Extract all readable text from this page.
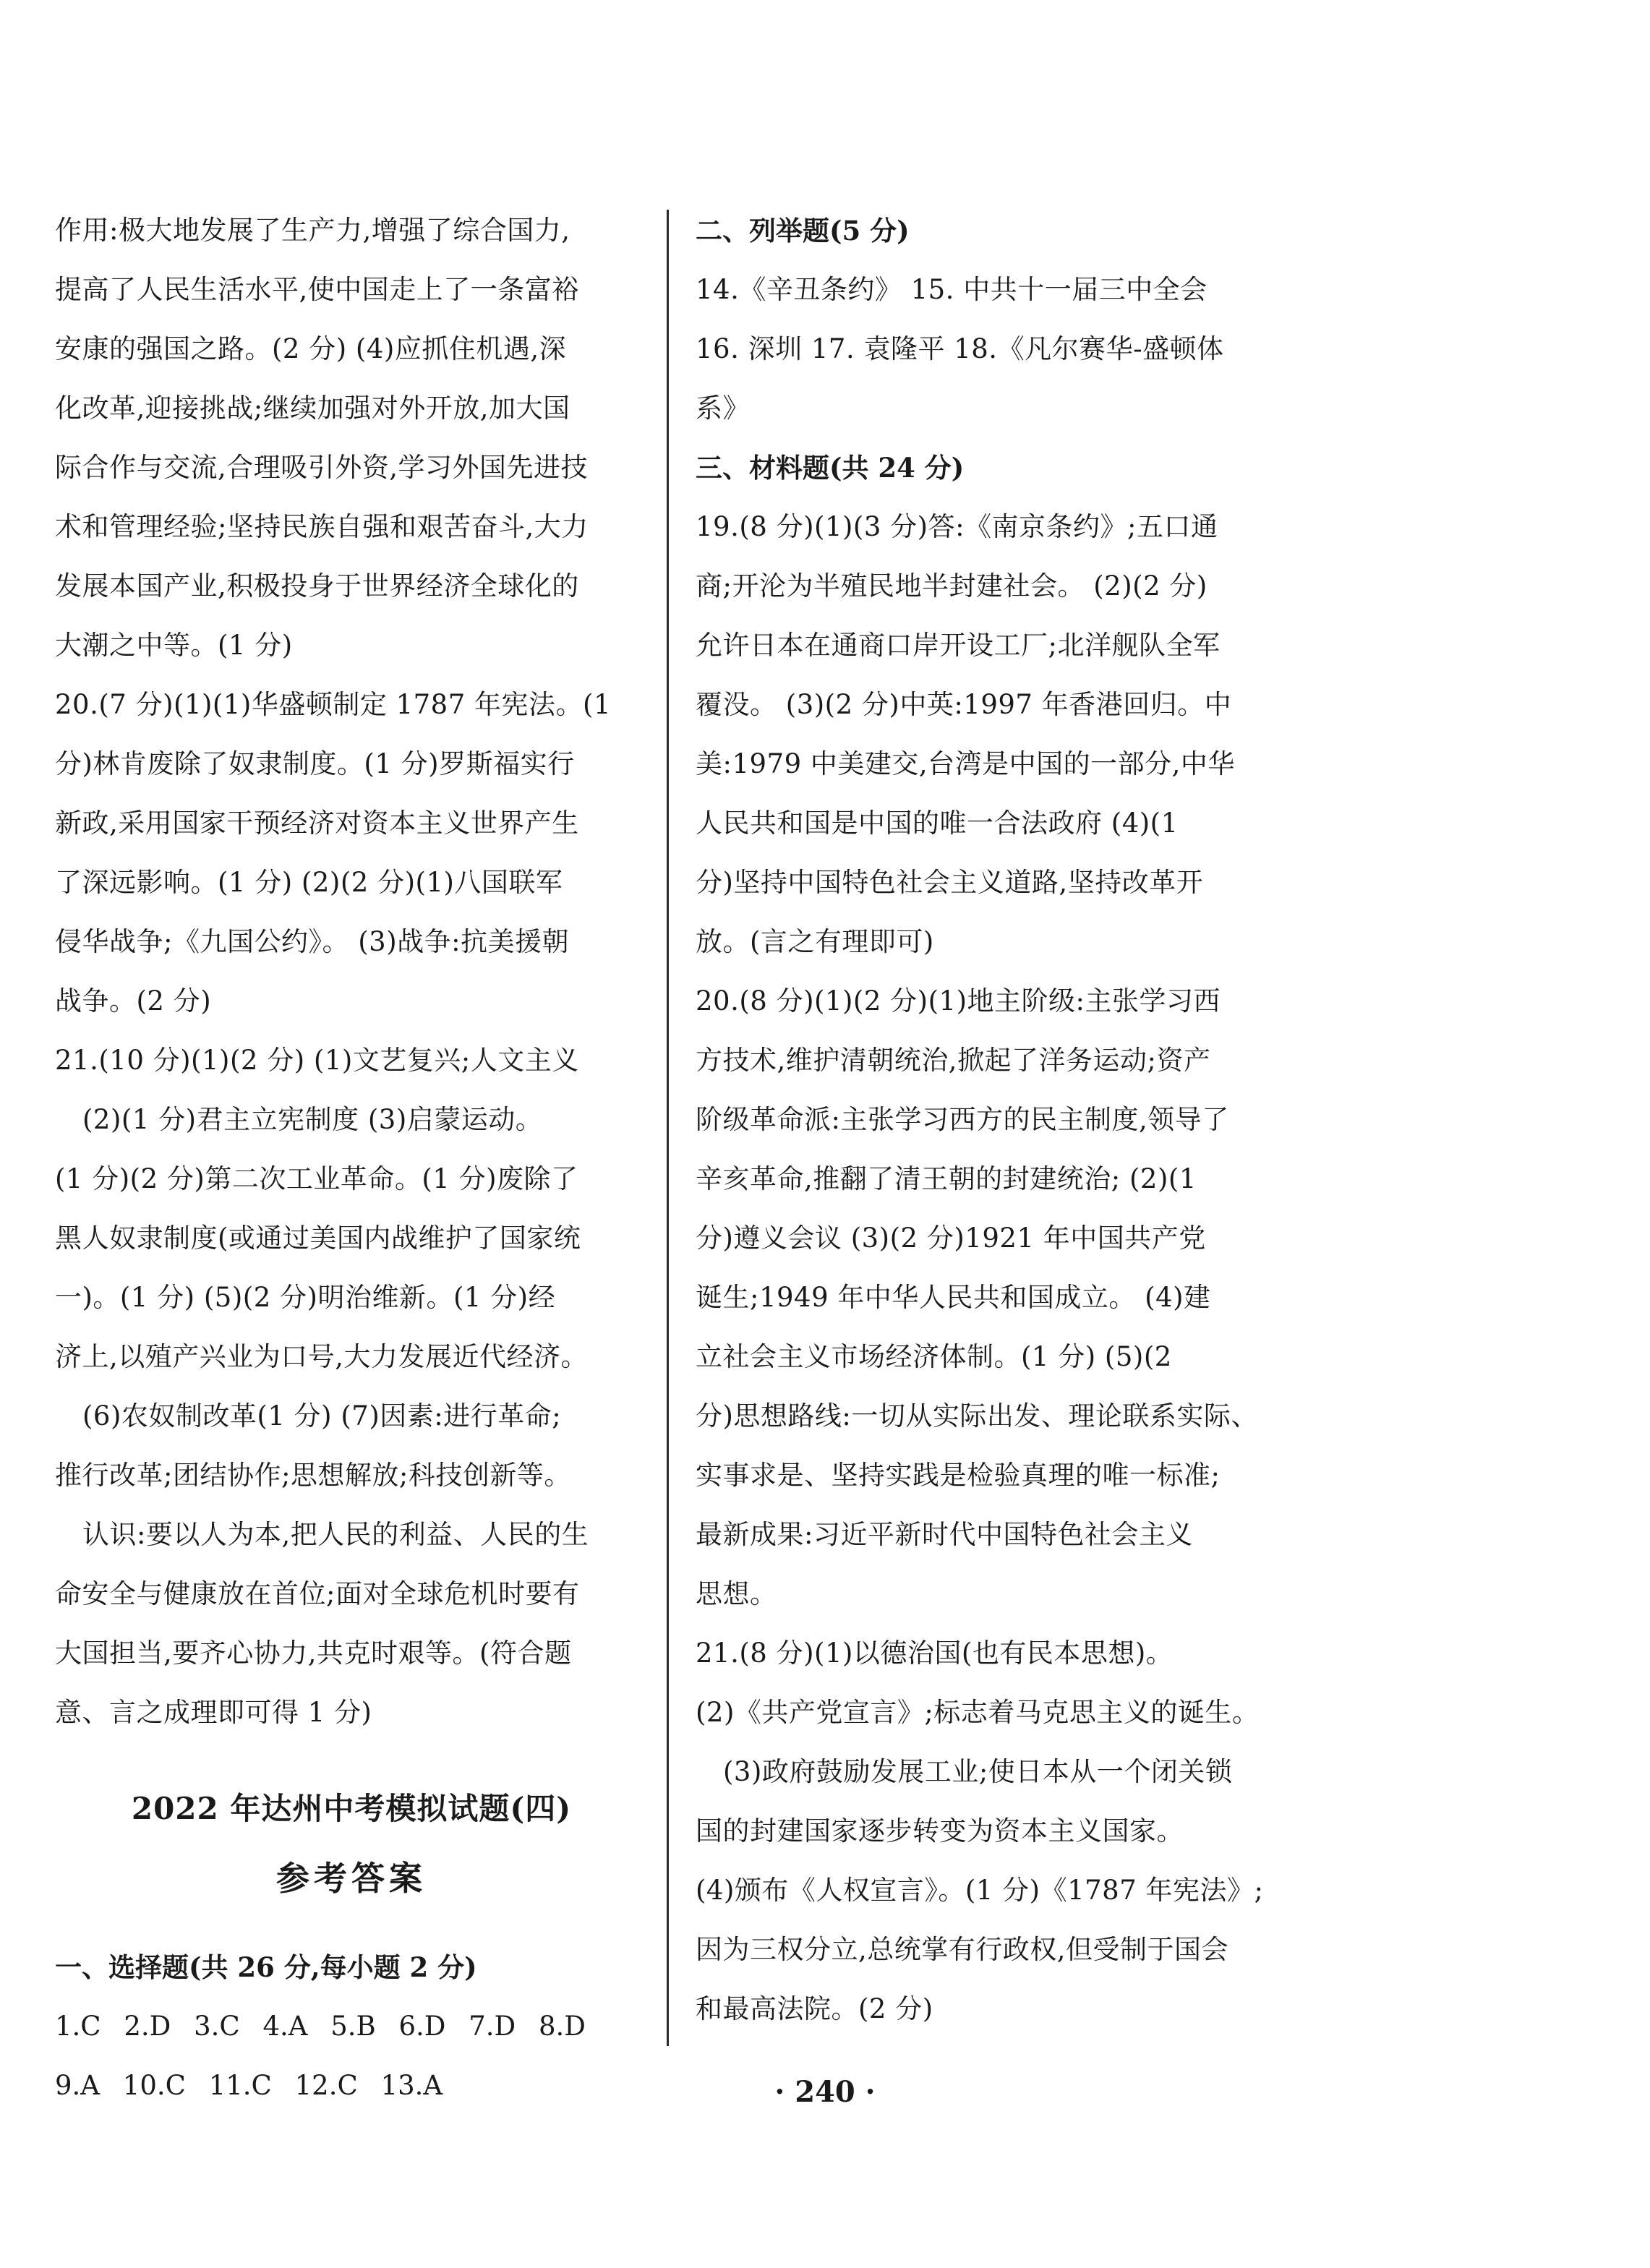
作用:极大地发展了生产力,增强了综合国力,
提高了人民生活水平,使中国走上了一条富裕
安康的强国之路。(2 分) (4)应抓住机遇,深
化改革,迎接挑战;继续加强对外开放,加大国
际合作与交流,合理吸引外资,学习外国先进技
术和管理经验;坚持民族自强和艰苦奋斗,大力
发展本国产业,积极投身于世界经济全球化的
大潮之中等。(1 分)
20.(7 分)(1)(1)华盛顿制定 1787 年宪法。(1
分)林肯废除了奴隶制度。(1 分)罗斯福实行
新政,采用国家干预经济对资本主义世界产生
了深远影响。(1 分) (2)(2 分)(1)八国联军
侵华战争;《九国公约》。 (3)战争:抗美援朝
战争。(2 分)
21.(10 分)(1)(2 分) (1)文艺复兴;人文主义
(2)(1 分)君主立宪制度 (3)启蒙运动。
(1 分)(2 分)第二次工业革命。(1 分)废除了
黑人奴隶制度(或通过美国内战维护了国家统
一)。(1 分) (5)(2 分)明治维新。(1 分)经
济上,以殖产兴业为口号,大力发展近代经济。
(6)农奴制改革(1 分) (7)因素:进行革命;
推行改革;团结协作;思想解放;科技创新等。
认识:要以人为本,把人民的利益、人民的生
命安全与健康放在首位;面对全球危机时要有
大国担当,要齐心协力,共克时艰等。(符合题
意、言之成理即可得 1 分)
2022 年达州中考模拟试题(四)
参考答案
一、选择题(共 26 分,每小题 2 分)
1.C 2.D 3.C 4.A 5.B 6.D 7.D 8.D
9.A 10.C 11.C 12.C 13.A
二、列举题(5 分)
14.《辛丑条约》 15. 中共十一届三中全会
16. 深圳 17. 袁隆平 18.《凡尔赛华-盛顿体
系》
三、材料题(共 24 分)
19.(8 分)(1)(3 分)答:《南京条约》;五口通
商;开沦为半殖民地半封建社会。 (2)(2 分)
允许日本在通商口岸开设工厂;北洋舰队全军
覆没。 (3)(2 分)中英:1997 年香港回归。中
美:1979 中美建交,台湾是中国的一部分,中华
人民共和国是中国的唯一合法政府 (4)(1
分)坚持中国特色社会主义道路,坚持改革开
放。(言之有理即可)
20.(8 分)(1)(2 分)(1)地主阶级:主张学习西
方技术,维护清朝统治,掀起了洋务运动;资产
阶级革命派:主张学习西方的民主制度,领导了
辛亥革命,推翻了清王朝的封建统治; (2)(1
分)遵义会议 (3)(2 分)1921 年中国共产党
诞生;1949 年中华人民共和国成立。 (4)建
立社会主义市场经济体制。(1 分) (5)(2
分)思想路线:一切从实际出发、理论联系实际、
实事求是、坚持实践是检验真理的唯一标准;
最新成果:习近平新时代中国特色社会主义
思想。
21.(8 分)(1)以德治国(也有民本思想)。
(2)《共产党宣言》;标志着马克思主义的诞生。
(3)政府鼓励发展工业;使日本从一个闭关锁
国的封建国家逐步转变为资本主义国家。
(4)颁布《人权宣言》。(1 分)《1787 年宪法》;
因为三权分立,总统掌有行政权,但受制于国会
和最高法院。(2 分)
· 240 ·
